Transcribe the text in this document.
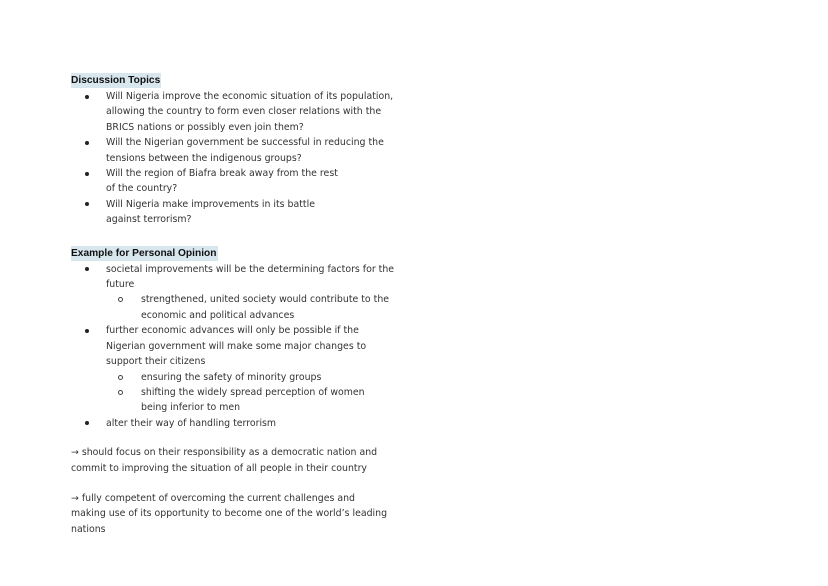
Discussion Topics
Will Nigeria improve the economic situation of its population, allowing the country to form even closer relations with the BRICS nations or possibly even join them?
Will the Nigerian government be successful in reducing the tensions between the indigenous groups?
Will the region of Biafra break away from the rest of the country?
Will Nigeria make improvements in its battle against terrorism?
Example for Personal Opinion
societal improvements will be the determining factors for the future
strengthened, united society would contribute to the economic and political advances
further economic advances will only be possible if the Nigerian government will make some major changes to support their citizens
ensuring the safety of minority groups
shifting the widely spread perception of women being inferior to men
alter their way of handling terrorism

→ should focus on their responsibility as a democratic nation and commit to improving the situation of all people in their country

→ fully competent of overcoming the current challenges and making use of its opportunity to become one of the world’s leading nations
